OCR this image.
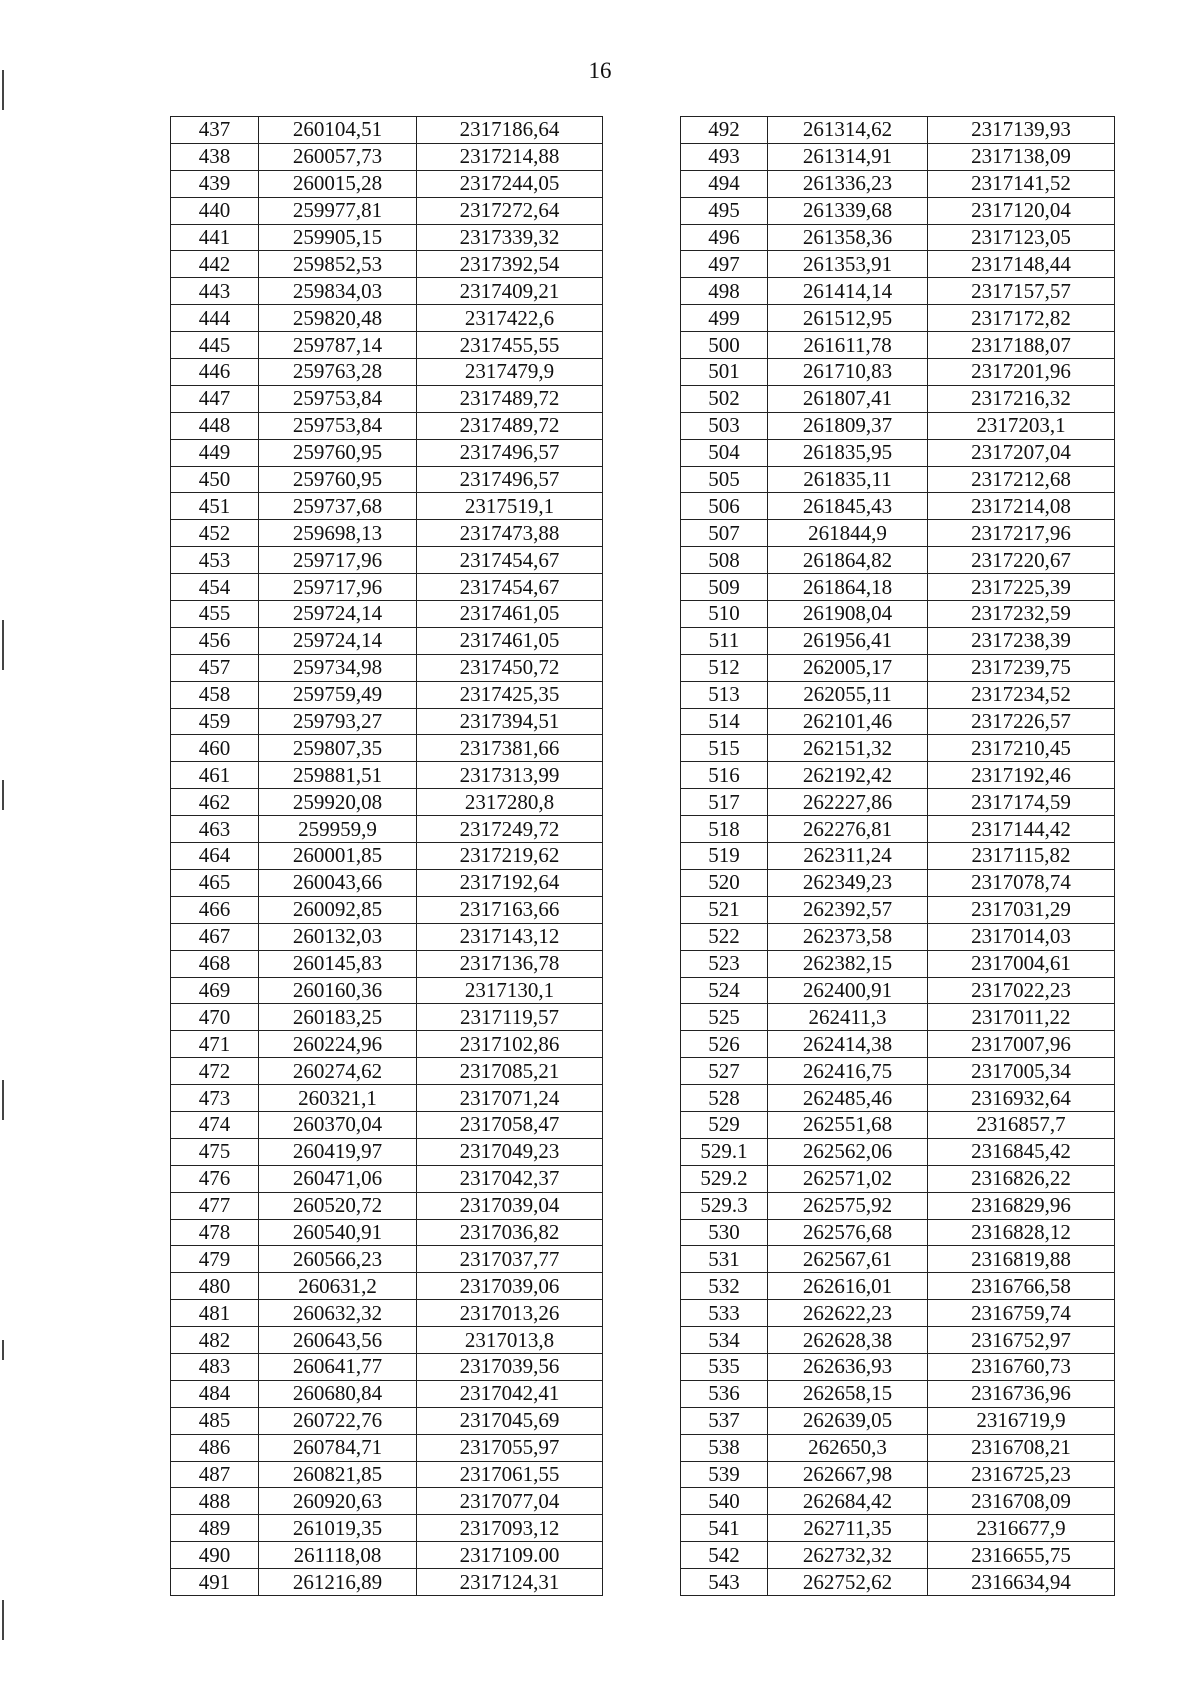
16
437	260104,51	2317186,64
438	260057,73	2317214,88
439	260015,28	2317244,05
440	259977,81	2317272,64
441	259905,15	2317339,32
442	259852,53	2317392,54
443	259834,03	2317409,21
444	259820,48	2317422,6
445	259787,14	2317455,55
446	259763,28	2317479,9
447	259753,84	2317489,72
448	259753,84	2317489,72
449	259760,95	2317496,57
450	259760,95	2317496,57
451	259737,68	2317519,1
452	259698,13	2317473,88
453	259717,96	2317454,67
454	259717,96	2317454,67
455	259724,14	2317461,05
456	259724,14	2317461,05
457	259734,98	2317450,72
458	259759,49	2317425,35
459	259793,27	2317394,51
460	259807,35	2317381,66
461	259881,51	2317313,99
462	259920,08	2317280,8
463	259959,9	2317249,72
464	260001,85	2317219,62
465	260043,66	2317192,64
466	260092,85	2317163,66
467	260132,03	2317143,12
468	260145,83	2317136,78
469	260160,36	2317130,1
470	260183,25	2317119,57
471	260224,96	2317102,86
472	260274,62	2317085,21
473	260321,1	2317071,24
474	260370,04	2317058,47
475	260419,97	2317049,23
476	260471,06	2317042,37
477	260520,72	2317039,04
478	260540,91	2317036,82
479	260566,23	2317037,77
480	260631,2	2317039,06
481	260632,32	2317013,26
482	260643,56	2317013,8
483	260641,77	2317039,56
484	260680,84	2317042,41
485	260722,76	2317045,69
486	260784,71	2317055,97
487	260821,85	2317061,55
488	260920,63	2317077,04
489	261019,35	2317093,12
490	261118,08	2317109.00
491	261216,89	2317124,31
492	261314,62	2317139,93
493	261314,91	2317138,09
494	261336,23	2317141,52
495	261339,68	2317120,04
496	261358,36	2317123,05
497	261353,91	2317148,44
498	261414,14	2317157,57
499	261512,95	2317172,82
500	261611,78	2317188,07
501	261710,83	2317201,96
502	261807,41	2317216,32
503	261809,37	2317203,1
504	261835,95	2317207,04
505	261835,11	2317212,68
506	261845,43	2317214,08
507	261844,9	2317217,96
508	261864,82	2317220,67
509	261864,18	2317225,39
510	261908,04	2317232,59
511	261956,41	2317238,39
512	262005,17	2317239,75
513	262055,11	2317234,52
514	262101,46	2317226,57
515	262151,32	2317210,45
516	262192,42	2317192,46
517	262227,86	2317174,59
518	262276,81	2317144,42
519	262311,24	2317115,82
520	262349,23	2317078,74
521	262392,57	2317031,29
522	262373,58	2317014,03
523	262382,15	2317004,61
524	262400,91	2317022,23
525	262411,3	2317011,22
526	262414,38	2317007,96
527	262416,75	2317005,34
528	262485,46	2316932,64
529	262551,68	2316857,7
529.1	262562,06	2316845,42
529.2	262571,02	2316826,22
529.3	262575,92	2316829,96
530	262576,68	2316828,12
531	262567,61	2316819,88
532	262616,01	2316766,58
533	262622,23	2316759,74
534	262628,38	2316752,97
535	262636,93	2316760,73
536	262658,15	2316736,96
537	262639,05	2316719,9
538	262650,3	2316708,21
539	262667,98	2316725,23
540	262684,42	2316708,09
541	262711,35	2316677,9
542	262732,32	2316655,75
543	262752,62	2316634,94
